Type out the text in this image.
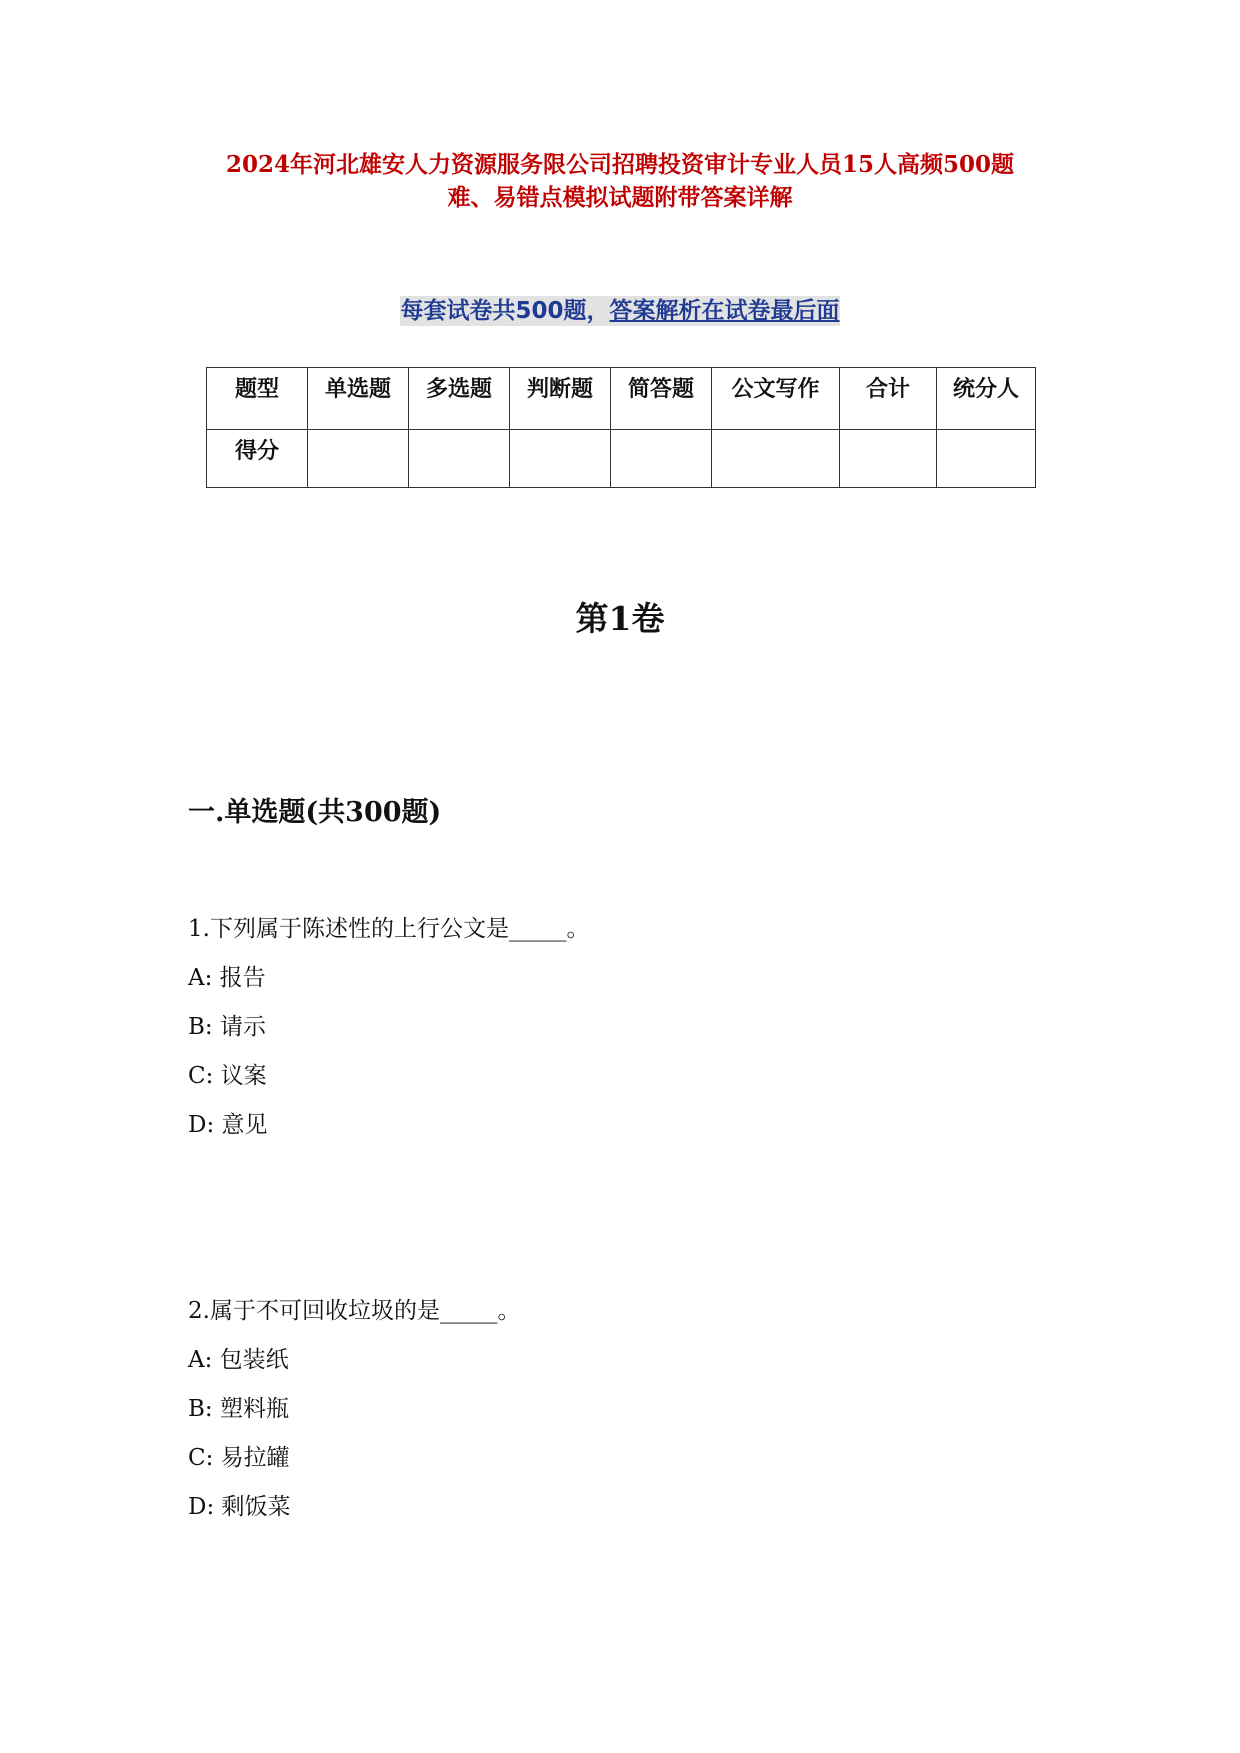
2024年河北雄安人力资源服务限公司招聘投资审计专业人员15人高频500题
难、易错点模拟试题附带答案详解
每套试卷共500题，答案解析在试卷最后面
题型	单选题	多选题	判断题	简答题	公文写作	合计	统分人
得分							
第1卷
一.单选题(共300题)
1.下列属于陈述性的上行公文是_____。
A: 报告
B: 请示
C: 议案
D: 意见
2.属于不可回收垃圾的是_____。
A: 包装纸
B: 塑料瓶
C: 易拉罐
D: 剩饭菜
